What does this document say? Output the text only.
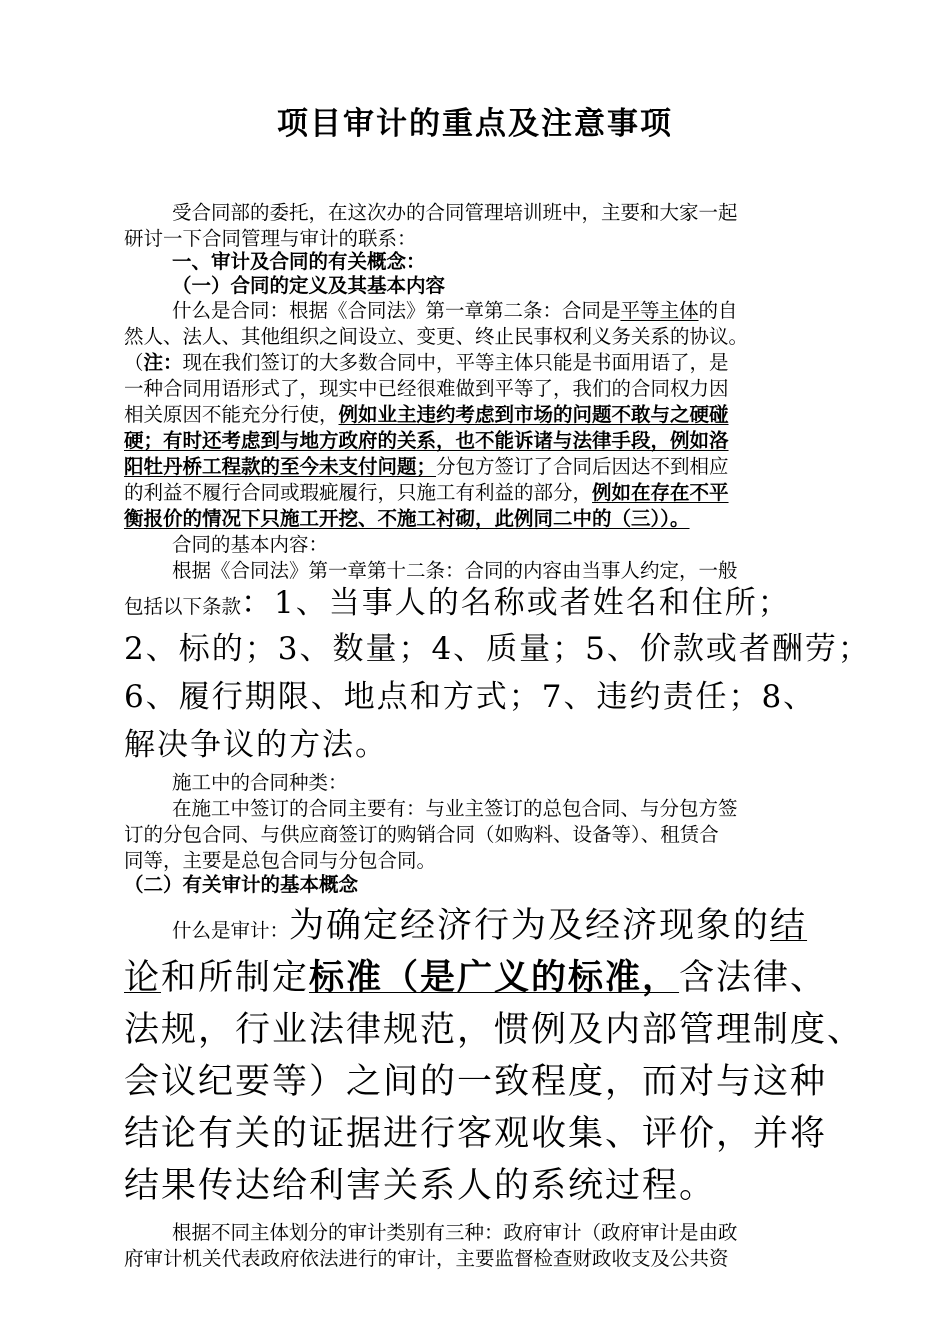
项目审计的重点及注意事项
受合同部的委托，在这次办的合同管理培训班中，主要和大家一起
研讨一下合同管理与审计的联系：
一、审计及合同的有关概念：
（一）合同的定义及其基本内容
什么是合同：根据《合同法》第一章第二条：合同是平等主体的自
然人、法人、其他组织之间设立、变更、终止民事权利义务关系的协议。
（注：现在我们签订的大多数合同中，平等主体只能是书面用语了，是
一种合同用语形式了，现实中已经很难做到平等了，我们的合同权力因
相关原因不能充分行使，例如业主违约考虑到市场的问题不敢与之硬碰
硬；有时还考虑到与地方政府的关系，也不能诉诸与法律手段，例如洛
阳牡丹桥工程款的至今未支付问题；分包方签订了合同后因达不到相应
的利益不履行合同或瑕疵履行，只施工有利益的部分，例如在存在不平
衡报价的情况下只施工开挖、不施工衬砌，此例同二中的（三））。
合同的基本内容：
根据《合同法》第一章第十二条：合同的内容由当事人约定，一般
包括以下条款：1、当事人的名称或者姓名和住所；
2、标的；3、数量；4、质量；5、价款或者酬劳；
6、履行期限、地点和方式；7、违约责任；8、
解决争议的方法。
施工中的合同种类：
在施工中签订的合同主要有：与业主签订的总包合同、与分包方签
订的分包合同、与供应商签订的购销合同（如购料、设备等）、租赁合
同等，主要是总包合同与分包合同。
（二）有关审计的基本概念
什么是审计：为确定经济行为及经济现象的结
论和所制定标准（是广义的标准，含法律、
法规，行业法律规范，惯例及内部管理制度、
会议纪要等）之间的一致程度，而对与这种
结论有关的证据进行客观收集、评价，并将
结果传达给利害关系人的系统过程。
根据不同主体划分的审计类别有三种：政府审计（政府审计是由政
府审计机关代表政府依法进行的审计，主要监督检查财政收支及公共资
